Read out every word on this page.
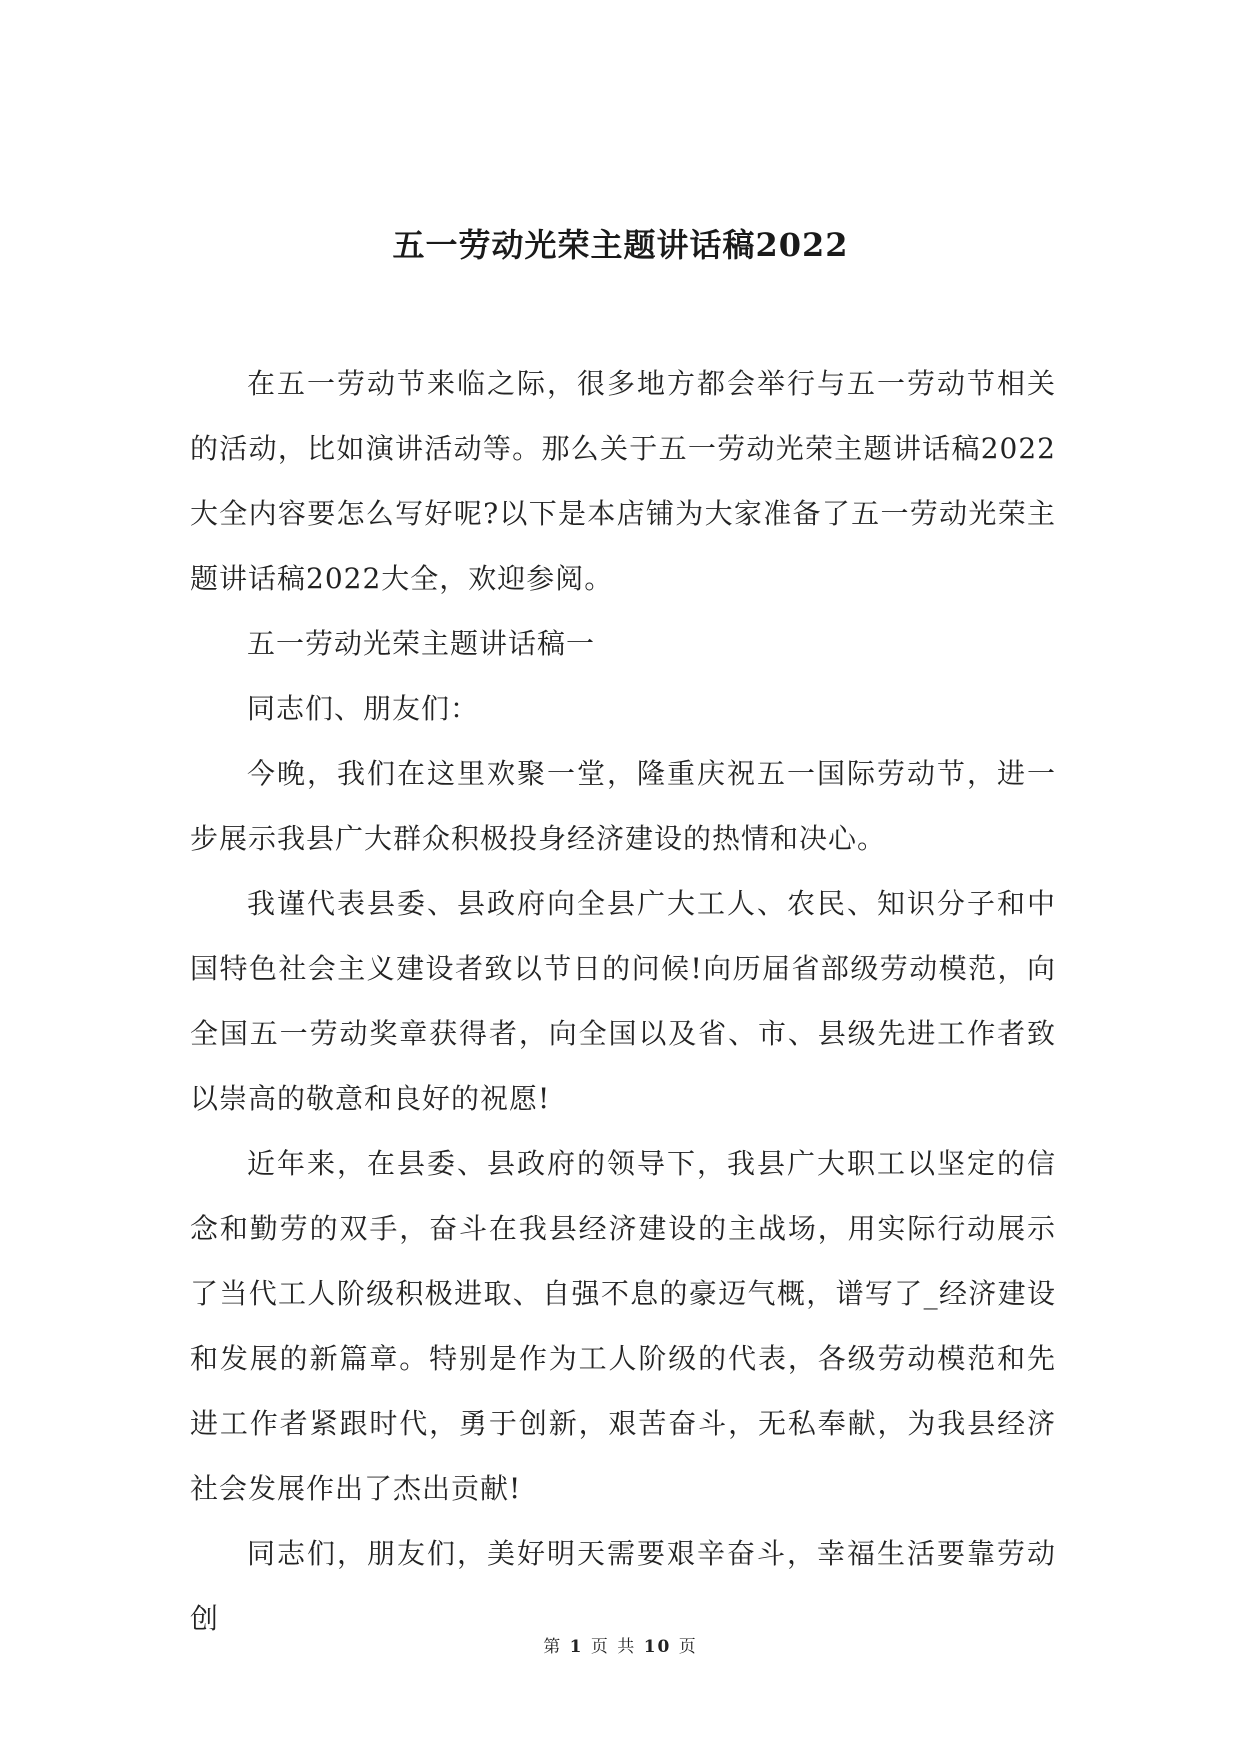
五一劳动光荣主题讲话稿2022

在五一劳动节来临之际，很多地方都会举行与五一劳动节相关的活动，比如演讲活动等。那么关于五一劳动光荣主题讲话稿2022大全内容要怎么写好呢?以下是本店铺为大家准备了五一劳动光荣主题讲话稿2022大全，欢迎参阅。

五一劳动光荣主题讲话稿一

同志们、朋友们：

今晚，我们在这里欢聚一堂，隆重庆祝五一国际劳动节，进一步展示我县广大群众积极投身经济建设的热情和决心。

我谨代表县委、县政府向全县广大工人、农民、知识分子和中国特色社会主义建设者致以节日的问候!向历届省部级劳动模范，向全国五一劳动奖章获得者，向全国以及省、市、县级先进工作者致以崇高的敬意和良好的祝愿!

近年来，在县委、县政府的领导下，我县广大职工以坚定的信念和勤劳的双手，奋斗在我县经济建设的主战场，用实际行动展示了当代工人阶级积极进取、自强不息的豪迈气概，谱写了_经济建设和发展的新篇章。特别是作为工人阶级的代表，各级劳动模范和先进工作者紧跟时代，勇于创新，艰苦奋斗，无私奉献，为我县经济社会发展作出了杰出贡献!

同志们，朋友们，美好明天需要艰辛奋斗，幸福生活要靠劳动创

第 1 页 共 10 页
